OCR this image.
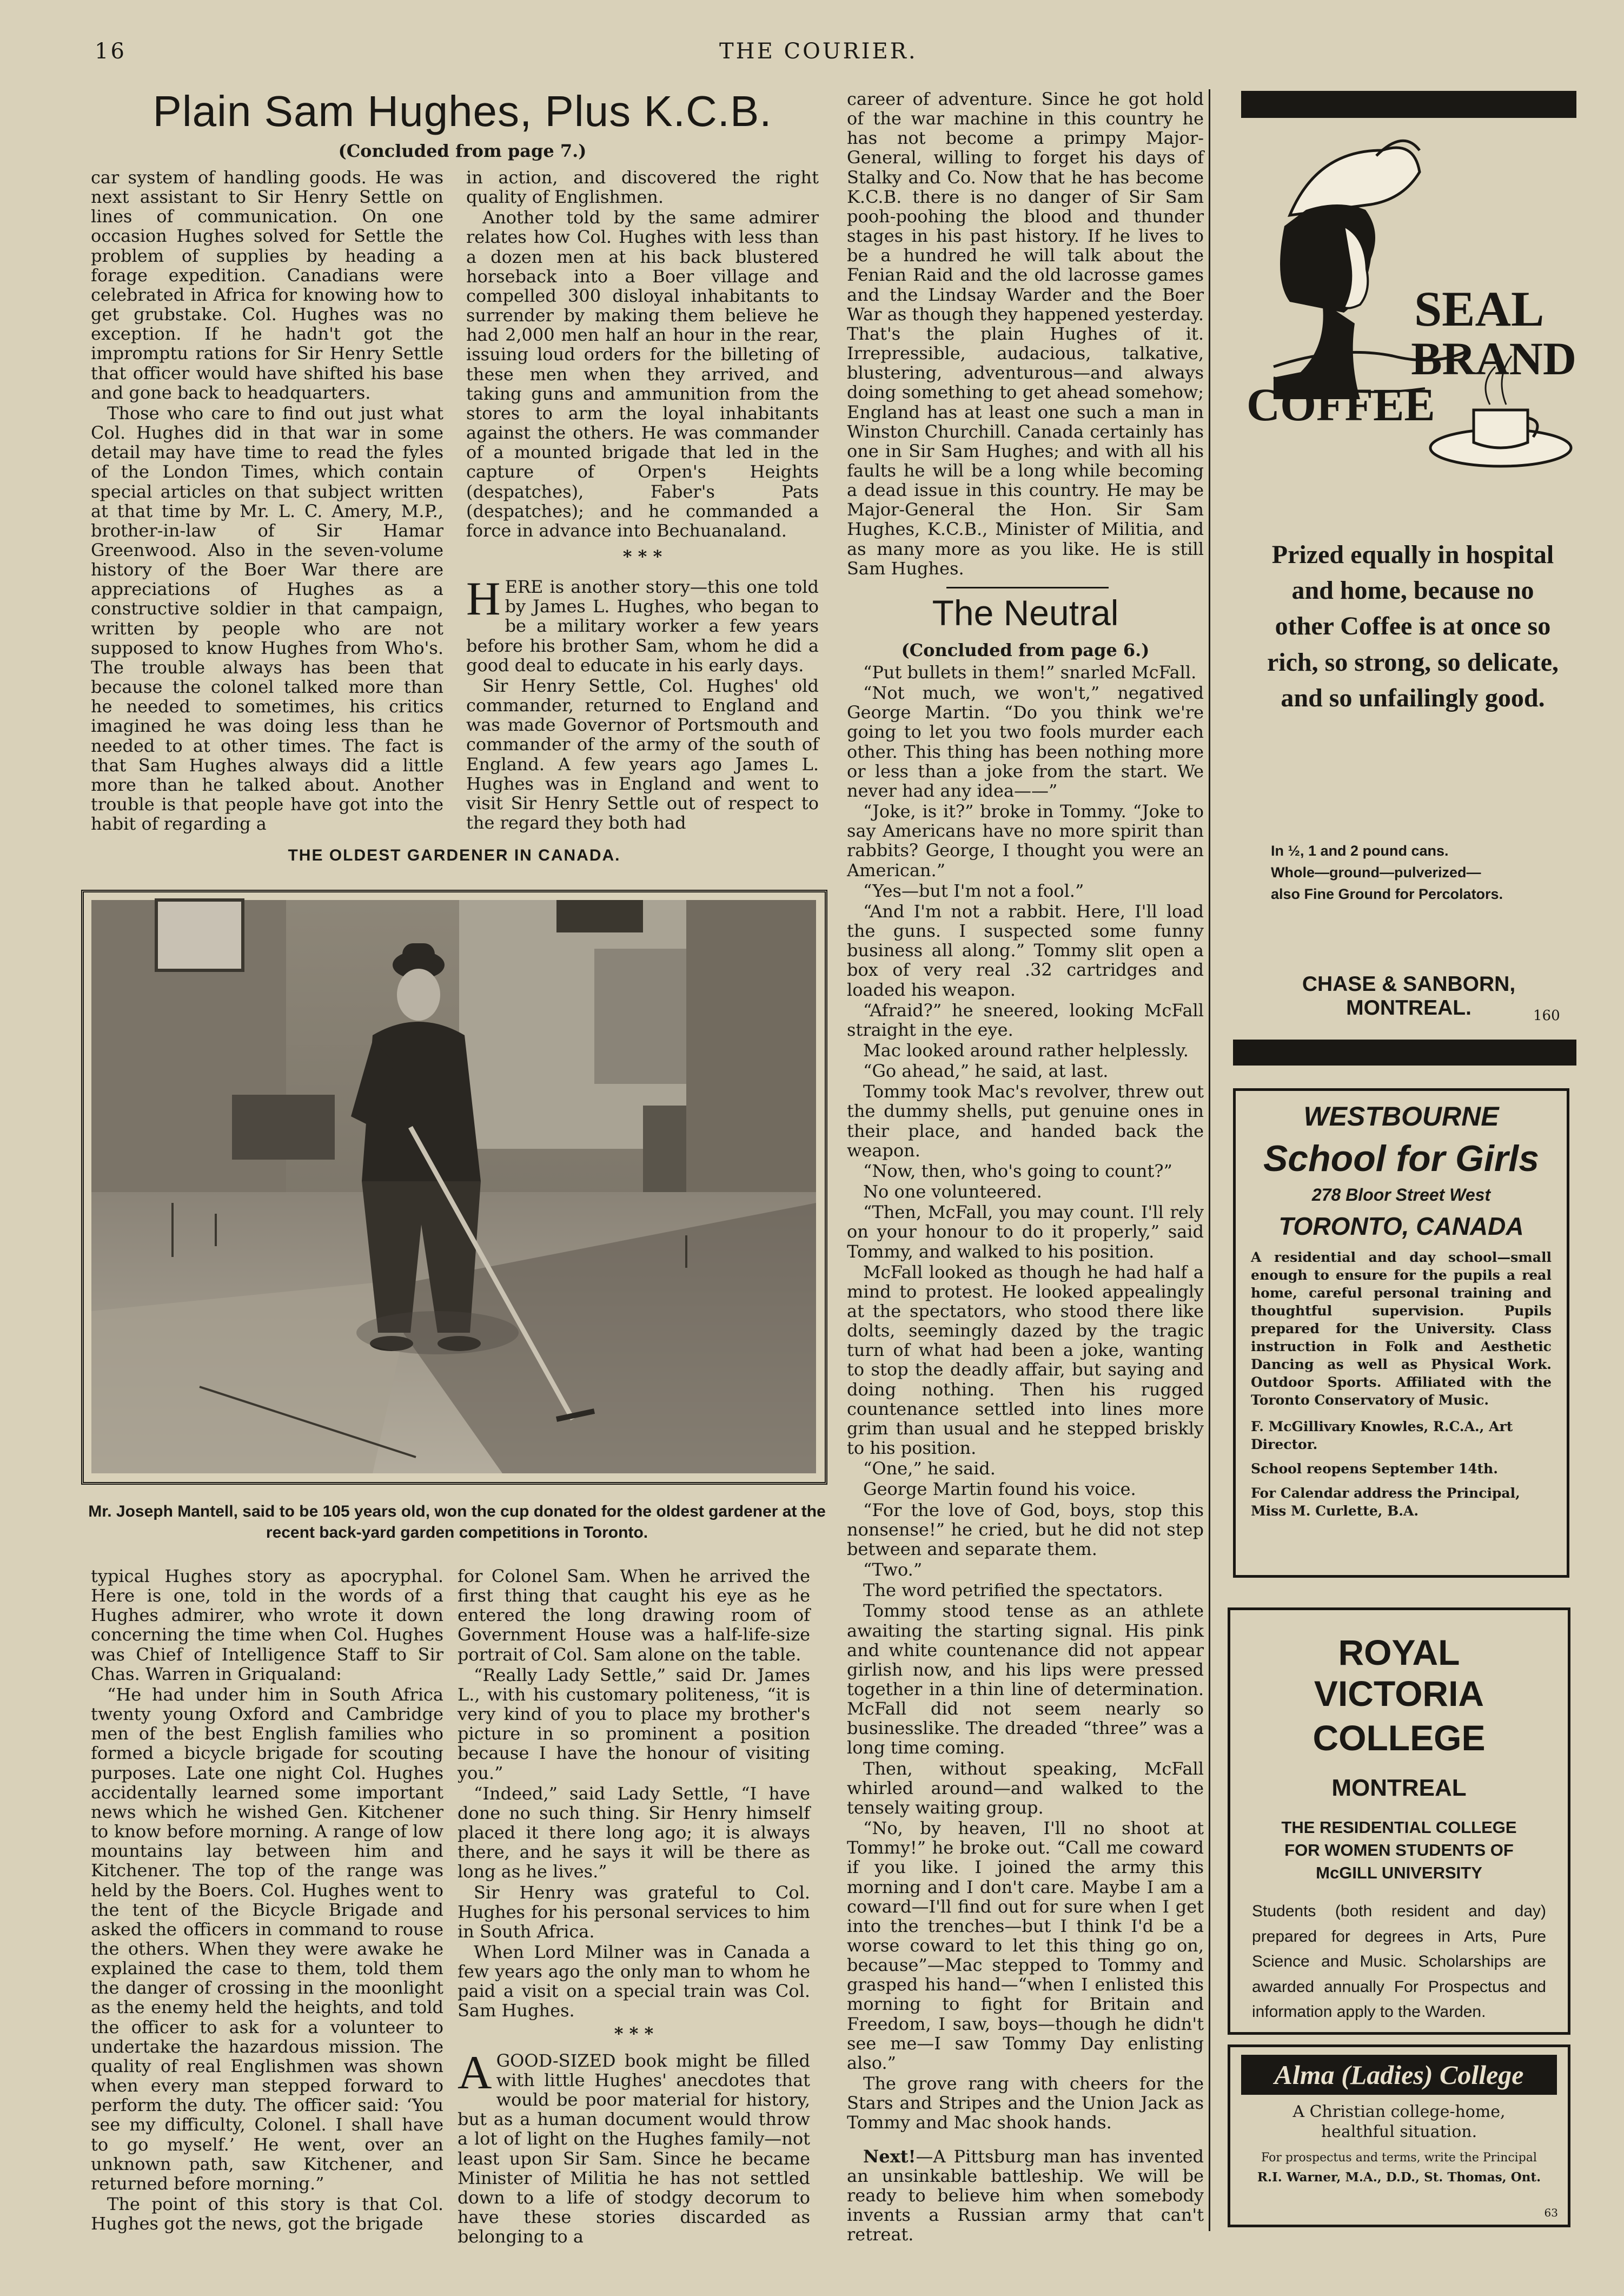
16	THE COURIER.
Plain Sam Hughes, Plus K.C.B.
(Concluded from page 7.)

car system of handling goods. He was next assistant to Sir Henry Settle on lines of communication. On one occasion Hughes solved for Settle the problem of supplies by heading a forage expedition. Canadians were celebrated in Africa for knowing how to get grubstake. Col. Hughes was no exception. If he hadn't got the impromptu rations for Sir Henry Settle that officer would have shifted his base and gone back to headquarters.

Those who care to find out just what Col. Hughes did in that war in some detail may have time to read the fyles of the London Times, which contain special articles on that subject written at that time by Mr. L. C. Amery, M.P., brother-in-law of Sir Hamar Greenwood. Also in the seven-volume history of the Boer War there are appreciations of Hughes as a constructive soldier in that campaign, written by people who are not supposed to know Hughes from Who's. The trouble always has been that because the colonel talked more than he needed to sometimes, his critics imagined he was doing less than he needed to at other times. The fact is that Sam Hughes always did a little more than he talked about. Another trouble is that people have got into the habit of regarding a

in action, and discovered the right quality of Englishmen.

Another told by the same admirer relates how Col. Hughes with less than a dozen men at his back blustered horseback into a Boer village and compelled 300 disloyal inhabitants to surrender by making them believe he had 2,000 men half an hour in the rear, issuing loud orders for the billeting of these men when they arrived, and taking guns and ammunition from the stores to arm the loyal inhabitants against the others. He was commander of a mounted brigade that led in the capture of Orpen's Heights (despatches), Faber's Pats (despatches); and he commanded a force in advance into Bechuanaland.

* * *

HERE is another story—this one told by James L. Hughes, who began to be a military worker a few years before his brother Sam, whom he did a good deal to educate in his early days.

Sir Henry Settle, Col. Hughes' old commander, returned to England and was made Governor of Portsmouth and commander of the army of the south of England. A few years ago James L. Hughes was in England and went to visit Sir Henry Settle out of respect to the regard they both had

THE OLDEST GARDENER IN CANADA.
Mr. Joseph Mantell, said to be 105 years old, won the cup donated for the oldest gardener at the recent back-yard garden competitions in Toronto.

typical Hughes story as apocryphal. Here is one, told in the words of a Hughes admirer, who wrote it down concerning the time when Col. Hughes was Chief of Intelligence Staff to Sir Chas. Warren in Griqualand:

“He had under him in South Africa twenty young Oxford and Cambridge men of the best English families who formed a bicycle brigade for scouting purposes. Late one night Col. Hughes accidentally learned some important news which he wished Gen. Kitchener to know before morning. A range of low mountains lay between him and Kitchener. The top of the range was held by the Boers. Col. Hughes went to the tent of the Bicycle Brigade and asked the officers in command to rouse the others. When they were awake he explained the case to them, told them the danger of crossing in the moonlight as the enemy held the heights, and told the officer to ask for a volunteer to undertake the hazardous mission. The quality of real Englishmen was shown when every man stepped forward to perform the duty. The officer said: ‘You see my difficulty, Colonel. I shall have to go myself.’ He went, over an unknown path, saw Kitchener, and returned before morning.”

The point of this story is that Col. Hughes got the news, got the brigade

for Colonel Sam. When he arrived the first thing that caught his eye as he entered the long drawing room of Government House was a half-life-size portrait of Col. Sam alone on the table.

“Really Lady Settle,” said Dr. James L., with his customary politeness, “it is very kind of you to place my brother's picture in so prominent a position because I have the honour of visiting you.”

“Indeed,” said Lady Settle, “I have done no such thing. Sir Henry himself placed it there long ago; it is always there, and he says it will be there as long as he lives.”

Sir Henry was grateful to Col. Hughes for his personal services to him in South Africa.

When Lord Milner was in Canada a few years ago the only man to whom he paid a visit on a special train was Col. Sam Hughes.

* * *

AGOOD-SIZED book might be filled with little Hughes' anecdotes that would be poor material for history, but as a human document would throw a lot of light on the Hughes family—not least upon Sir Sam. Since he became Minister of Militia he has not settled down to a life of stodgy decorum to have these stories discarded as belonging to a

career of adventure. Since he got hold of the war machine in this country he has not become a primpy Major-General, willing to forget his days of Stalky and Co. Now that he has become K.C.B. there is no danger of Sir Sam pooh-poohing the blood and thunder stages in his past history. If he lives to be a hundred he will talk about the Fenian Raid and the old lacrosse games and the Lindsay Warder and the Boer War as though they happened yesterday. That's the plain Hughes of it. Irrepressible, audacious, talkative, blustering, adventurous—and always doing something to get ahead somehow; England has at least one such a man in Winston Churchill. Canada certainly has one in Sir Sam Hughes; and with all his faults he will be a long while becoming a dead issue in this country. He may be Major-General the Hon. Sir Sam Hughes, K.C.B., Minister of Militia, and as many more as you like. He is still Sam Hughes.

The Neutral
(Concluded from page 6.)

“Put bullets in them!” snarled McFall.

“Not much, we won't,” negatived George Martin. “Do you think we're going to let you two fools murder each other. This thing has been nothing more or less than a joke from the start. We never had any idea——”

“Joke, is it?” broke in Tommy. “Joke to say Americans have no more spirit than rabbits? George, I thought you were an American.”

“Yes—but I'm not a fool.”

“And I'm not a rabbit. Here, I'll load the guns. I suspected some funny business all along.” Tommy slit open a box of very real .32 cartridges and loaded his weapon.

“Afraid?” he sneered, looking McFall straight in the eye.

Mac looked around rather helplessly.

“Go ahead,” he said, at last.

Tommy took Mac's revolver, threw out the dummy shells, put genuine ones in their place, and handed back the weapon.

“Now, then, who's going to count?”

No one volunteered.

“Then, McFall, you may count. I'll rely on your honour to do it properly,” said Tommy, and walked to his position.

McFall looked as though he had half a mind to protest. He looked appealingly at the spectators, who stood there like dolts, seemingly dazed by the tragic turn of what had been a joke, wanting to stop the deadly affair, but saying and doing nothing. Then his rugged countenance settled into lines more grim than usual and he stepped briskly to his position.

“One,” he said.

George Martin found his voice.

“For the love of God, boys, stop this nonsense!” he cried, but he did not step between and separate them.

“Two.”

The word petrified the spectators.

Tommy stood tense as an athlete awaiting the starting signal. His pink and white countenance did not appear girlish now, and his lips were pressed together in a thin line of determination. McFall did not seem nearly so businesslike. The dreaded “three” was a long time coming.

Then, without speaking, McFall whirled around—and walked to the tensely waiting group.

“No, by heaven, I'll no shoot at Tommy!” he broke out. “Call me coward if you like. I joined the army this morning and I don't care. Maybe I am a coward—I'll find out for sure when I get into the trenches—but I think I'd be a worse coward to let this thing go on, because”—Mac stepped to Tommy and grasped his hand—“when I enlisted this morning to fight for Britain and Freedom, I saw, boys—though he didn't see me—I saw Tommy Day enlisting also.”

The grove rang with cheers for the Stars and Stripes and the Union Jack as Tommy and Mac shook hands.

Next!—A Pittsburg man has invented an unsinkable battleship. We will be ready to believe him when somebody invents a Russian army that can't retreat.

SEAL
BRAND
COFFEE
Prized equally in hospital and home, because no other Coffee is at once so rich, so strong, so delicate, and so unfailingly good.
In ½, 1 and 2 pound cans.
Whole—ground—pulverized—
also Fine Ground for Percolators.
CHASE & SANBORN, MONTREAL.	160
WESTBOURNE
School for Girls
278 Bloor Street West
TORONTO, CANADA
A residential and day school—small enough to ensure for the pupils a real home, careful personal training and thoughtful supervision. Pupils prepared for the University. Class instruction in Folk and Aesthetic Dancing as well as Physical Work. Outdoor Sports. Affiliated with the Toronto Conservatory of Music.
F. McGillivary Knowles, R.C.A., Art Director.
School reopens September 14th.
For Calendar address the Principal, Miss M. Curlette, B.A.
ROYAL VICTORIA
COLLEGE
MONTREAL
THE RESIDENTIAL COLLEGE
FOR WOMEN STUDENTS OF
McGILL UNIVERSITY
Students (both resident and day) prepared for degrees in Arts, Pure Science and Music. Scholarships are awarded annually For Prospectus and information apply to the Warden.
Alma (Ladies) College
A Christian college-home,
healthful situation.
For prospectus and terms, write the Principal
R.I. Warner, M.A., D.D., St. Thomas, Ont.
63
